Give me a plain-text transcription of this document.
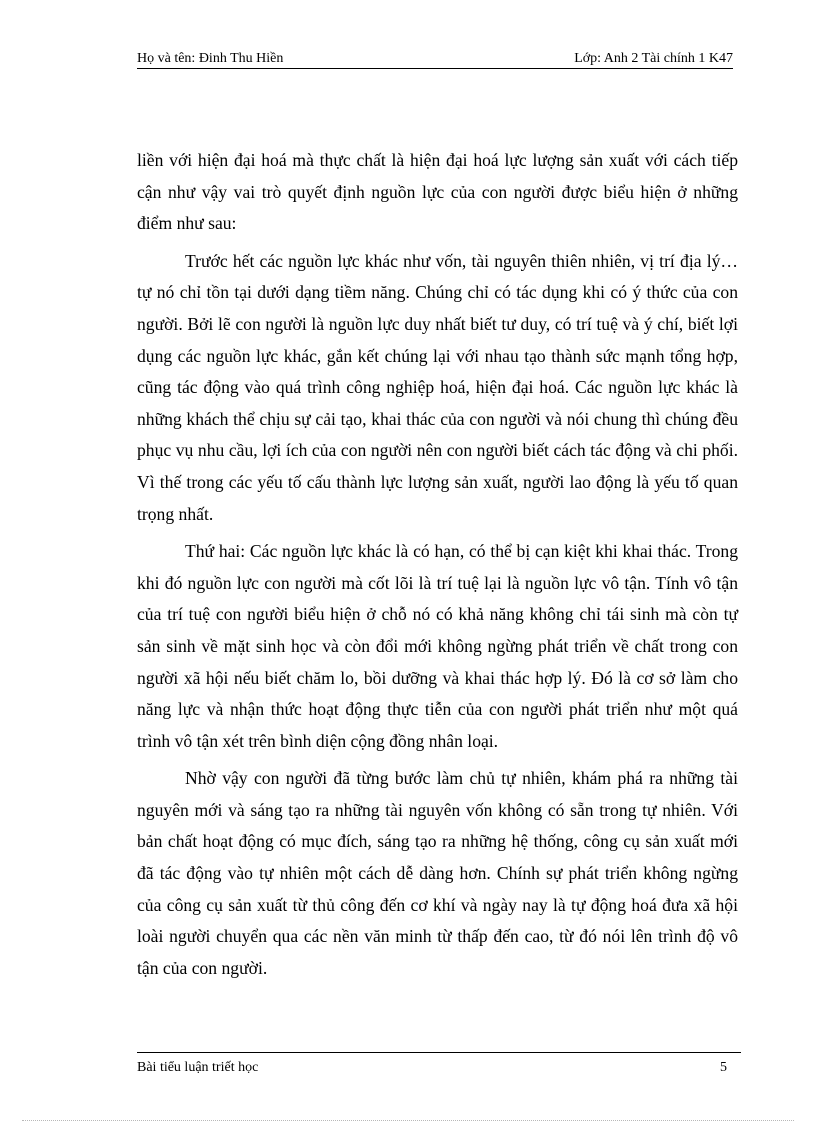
Họ và tên: Đinh Thu Hiền	Lớp: Anh 2 Tài chính 1 K47

liền với hiện đại hoá mà thực chất là hiện đại hoá lực lượng sản xuất với cách tiếp cận như vậy vai trò quyết định nguồn lực của con người được biểu hiện ở những điểm như sau:

Trước hết các nguồn lực khác như vốn, tài nguyên thiên nhiên, vị trí địa lý… tự nó chỉ tồn tại dưới dạng tiềm năng. Chúng chỉ có tác dụng khi có ý thức của con người. Bởi lẽ con người là nguồn lực duy nhất biết tư duy, có trí tuệ và ý chí, biết lợi dụng các nguồn lực khác, gắn kết chúng lại với nhau tạo thành sức mạnh tổng hợp, cũng tác động vào quá trình công nghiệp hoá, hiện đại hoá. Các nguồn lực khác là những khách thể chịu sự cải tạo, khai thác của con người và nói chung thì chúng đều phục vụ nhu cầu, lợi ích của con người nên con người biết cách tác động và chi phối. Vì thế trong các yếu tố cấu thành lực lượng sản xuất, người lao động là yếu tố quan trọng nhất.

Thứ hai: Các nguồn lực khác là có hạn, có thể bị cạn kiệt khi khai thác. Trong khi đó nguồn lực con người mà cốt lõi là trí tuệ lại là nguồn lực vô tận. Tính vô tận của trí tuệ con người biểu hiện ở chỗ nó có khả năng không chỉ tái sinh mà còn tự sản sinh về mặt sinh học và còn đổi mới không ngừng phát triển về chất trong con người xã hội nếu biết chăm lo, bồi dưỡng và khai thác hợp lý. Đó là cơ sở làm cho năng lực và nhận thức hoạt động thực tiễn của con người phát triển như một quá trình vô tận xét trên bình diện cộng đồng nhân loại.

Nhờ vậy con người đã từng bước làm chủ tự nhiên, khám phá ra những tài nguyên mới và sáng tạo ra những tài nguyên vốn không có sẵn trong tự nhiên. Với bản chất hoạt động có mục đích, sáng tạo ra những hệ thống, công cụ sản xuất mới đã tác động vào tự nhiên một cách dễ dàng hơn. Chính sự phát triển không ngừng của công cụ sản xuất từ thủ công đến cơ khí và ngày nay là tự động hoá đưa xã hội loài người chuyển qua các nền văn minh từ thấp đến cao, từ đó nói lên trình độ vô tận của con người.

Bài tiểu luận triết học	5
